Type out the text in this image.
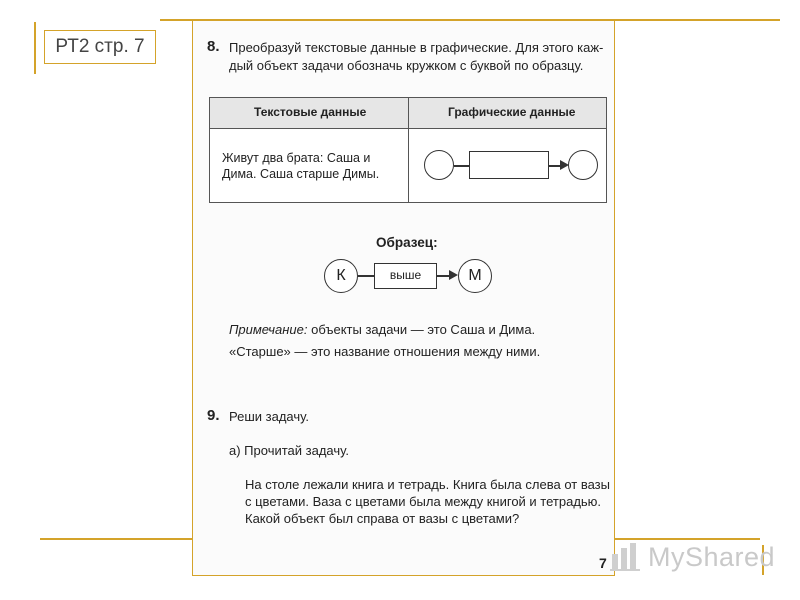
РТ2 стр. 7	8. Преобразуй текстовые данные в графические. Для этого каж-
дый объект задачи обозначь кружком с буквой по образцу.
Текстовые данные	Графические данные
Живут два брата: Саша и
Дима. Саша старше Димы.
Образец:
К	выше	М
Примечание: объекты задачи — это Саша и Дима.
«Старше» — это название отношения между ними.
9. Реши задачу.
а) Прочитай задачу.
На столе лежали книга и тетрадь. Книга была слева от вазы
с цветами. Ваза с цветами была между книгой и тетрадью.
Какой объект был справа от вазы с цветами?
7 MyShared
